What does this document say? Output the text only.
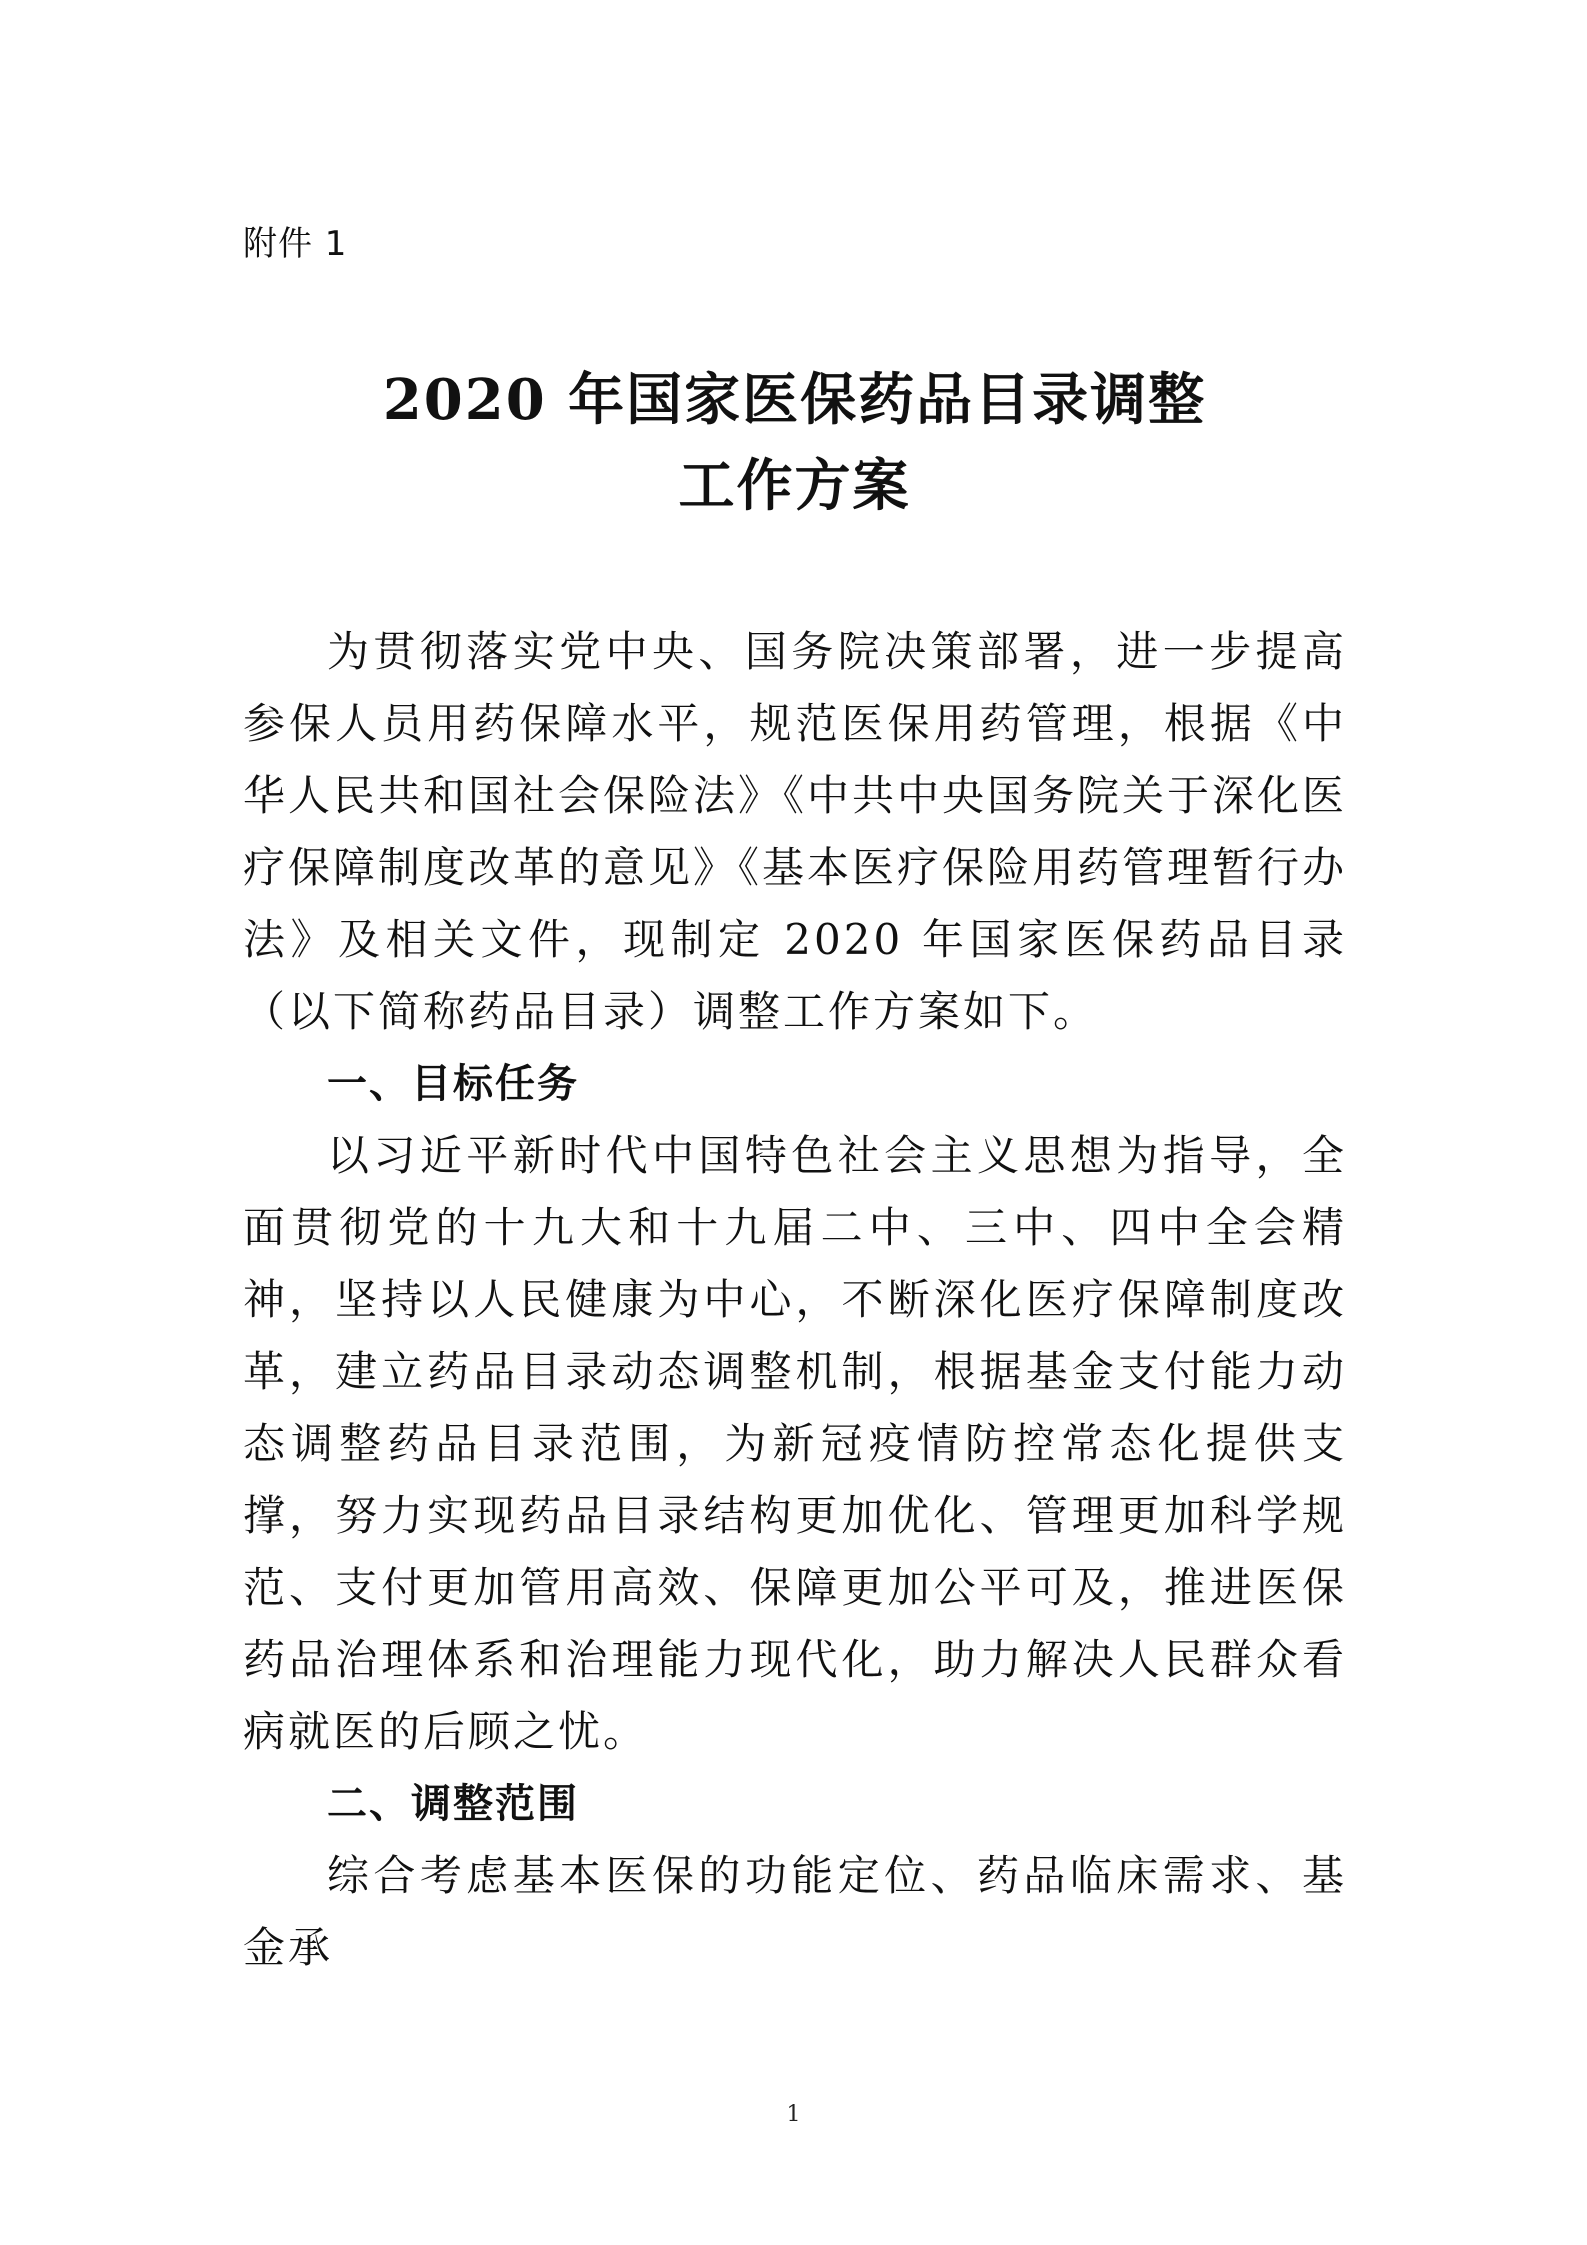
附件 1
2020 年国家医保药品目录调整
工作方案

为贯彻落实党中央、国务院决策部署，进一步提高参保人员用药保障水平，规范医保用药管理，根据《中华人民共和国社会保险法》《中共中央国务院关于深化医疗保障制度改革的意见》《基本医疗保险用药管理暂行办法》及相关文件，现制定 2020 年国家医保药品目录（以下简称药品目录）调整工作方案如下。

一、目标任务

以习近平新时代中国特色社会主义思想为指导，全面贯彻党的十九大和十九届二中、三中、四中全会精神，坚持以人民健康为中心，不断深化医疗保障制度改革，建立药品目录动态调整机制，根据基金支付能力动态调整药品目录范围，为新冠疫情防控常态化提供支撑，努力实现药品目录结构更加优化、管理更加科学规范、支付更加管用高效、保障更加公平可及，推进医保药品治理体系和治理能力现代化，助力解决人民群众看病就医的后顾之忧。

二、调整范围

综合考虑基本医保的功能定位、药品临床需求、基金承

1
